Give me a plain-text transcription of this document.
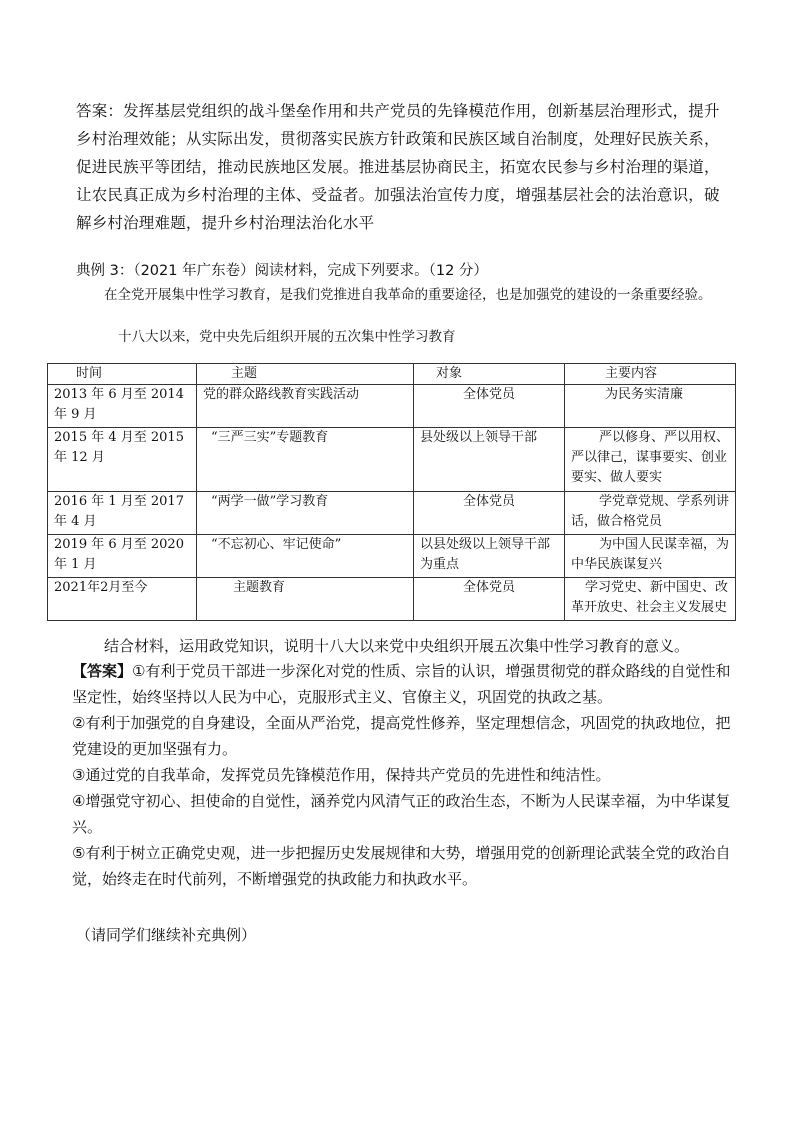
答案：发挥基层党组织的战斗堡垒作用和共产党员的先锋模范作用，创新基层治理形式，提升乡村治理效能；从实际出发，贯彻落实民族方针政策和民族区域自治制度，处理好民族关系，促进民族平等团结，推动民族地区发展。推进基层协商民主，拓宽农民参与乡村治理的渠道，让农民真正成为乡村治理的主体、受益者。加强法治宣传力度，增强基层社会的法治意识，破解乡村治理难题，提升乡村治理法治化水平
典例 3：（2021 年广东卷）阅读材料，完成下列要求。（12 分）
在全党开展集中性学习教育，是我们党推进自我革命的重要途径，也是加强党的建设的一条重要经验。
十八大以来，党中央先后组织开展的五次集中性学习教育
时间	主题	对象	主要内容
2013 年 6 月至 2014 年 9 月	党的群众路线教育实践活动	全体党员	为民务实清廉
2015 年 4 月至 2015 年 12 月	“三严三实”专题教育	县处级以上领导干部	严以修身、严以用权、严以律己，谋事要实、创业要实、做人要实
2016 年 1 月至 2017 年 4 月	“两学一做”学习教育	全体党员	学党章党规、学系列讲话，做合格党员
2019 年 6 月至 2020 年 1 月	“不忘初心、牢记使命”	以县处级以上领导干部为重点	为中国人民谋幸福，为中华民族谋复兴
2021年2月至今	主题教育	全体党员	学习党史、新中国史、改革开放史、社会主义发展史
结合材料，运用政党知识，说明十八大以来党中央组织开展五次集中性学习教育的意义。

【答案】①有利于党员干部进一步深化对党的性质、宗旨的认识，增强贯彻党的群众路线的自觉性和坚定性，始终坚持以人民为中心，克服形式主义、官僚主义，巩固党的执政之基。

②有利于加强党的自身建设，全面从严治党，提高党性修养，坚定理想信念，巩固党的执政地位，把党建设的更加坚强有力。

③通过党的自我革命，发挥党员先锋模范作用，保持共产党员的先进性和纯洁性。

④增强党守初心、担使命的自觉性，涵养党内风清气正的政治生态，不断为人民谋幸福，为中华谋复兴。

⑤有利于树立正确党史观，进一步把握历史发展规律和大势，增强用党的创新理论武装全党的政治自觉，始终走在时代前列，不断增强党的执政能力和执政水平。

（请同学们继续补充典例）
